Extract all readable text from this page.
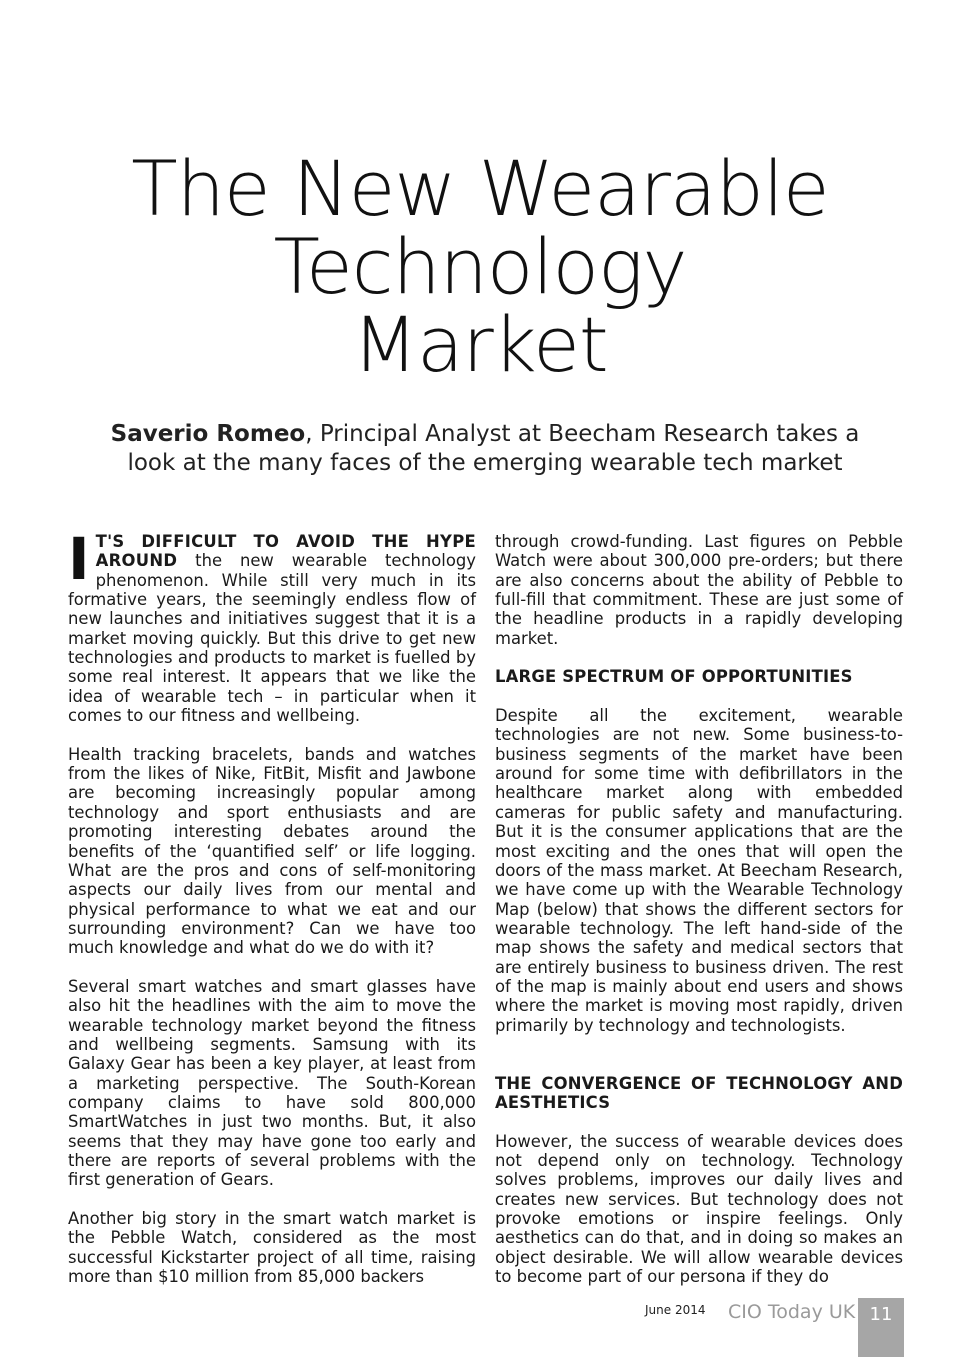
The New Wearable
Technology
Market
Saverio Romeo, Principal Analyst at Beecham Research takes a look at the many faces of the emerging wearable tech market

I T'S DIFFICULT TO AVOID THE HYPE AROUND the new wearable technology phenomenon. While still very much in its formative years, the seemingly endless flow of new launches and initiatives suggest that it is a market moving quickly. But this drive to get new technologies and products to market is fuelled by some real interest. It appears that we like the idea of wearable tech – in particular when it comes to our fitness and wellbeing.

Health tracking bracelets, bands and watches from the likes of Nike, FitBit, Misfit and Jawbone are becoming increasingly popular among technology and sport enthusiasts and are promoting interesting debates around the benefits of the ‘quantified self’ or life logging. What are the pros and cons of self-monitoring aspects our daily lives from our mental and physical performance to what we eat and our surrounding environment? Can we have too much knowledge and what do we do with it?

Several smart watches and smart glasses have also hit the headlines with the aim to move the wearable technology market beyond the fitness and wellbeing segments. Samsung with its Galaxy Gear has been a key player, at least from a marketing perspective. The South-Korean company claims to have sold 800,000 SmartWatches in just two months. But, it also seems that they may have gone too early and there are reports of several problems with the first generation of Gears.

Another big story in the smart watch market is the Pebble Watch, considered as the most successful Kickstarter project of all time, raising more than $10 million from 85,000 backers

through crowd-funding. Last figures on Pebble Watch were about 300,000 pre-orders; but there are also concerns about the ability of Pebble to full-fill that commitment. These are just some of the headline products in a rapidly developing market.

LARGE SPECTRUM OF OPPORTUNITIES

Despite all the excitement, wearable technologies are not new. Some business-to-business segments of the market have been around for some time with defibrillators in the healthcare market along with embedded cameras for public safety and manufacturing. But it is the consumer applications that are the most exciting and the ones that will open the doors of the mass market. At Beecham Research, we have come up with the Wearable Technology Map (below) that shows the different sectors for wearable technology. The left hand-side of the map shows the safety and medical sectors that are entirely business to business driven. The rest of the map is mainly about end users and shows where the market is moving most rapidly, driven primarily by technology and technologists.

THE CONVERGENCE OF TECHNOLOGY AND AESTHETICS

However, the success of wearable devices does not depend only on technology. Technology solves problems, improves our daily lives and creates new services. But technology does not provoke emotions or inspire feelings. Only aesthetics can do that, and in doing so makes an object desirable. We will allow wearable devices to become part of our persona if they do

June 2014 CIO Today UK 11
